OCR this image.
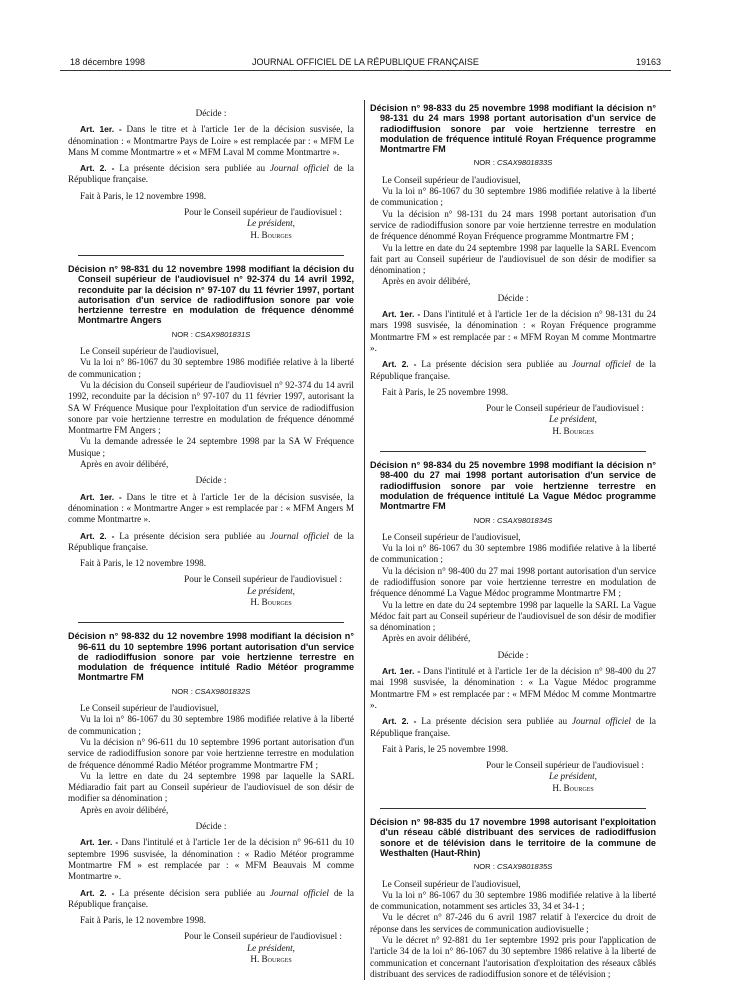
18 décembre 1998	JOURNAL OFFICIEL DE LA RÉPUBLIQUE FRANÇAISE	19163

Décide :

Art. 1er. - Dans le titre et à l'article 1er de la décision susvisée, la dénomination : « Montmartre Pays de Loire » est remplacée par : « MFM Le Mans M comme Montmartre » et « MFM Laval M comme Montmartre ».

Art. 2. - La présente décision sera publiée au Journal officiel de la République française.

Fait à Paris, le 12 novembre 1998.

Pour le Conseil supérieur de l'audiovisuel :
Le président,
H. Bourges

Décision n° 98-831 du 12 novembre 1998 modifiant la décision du Conseil supérieur de l'audiovisuel n° 92-374 du 14 avril 1992, reconduite par la décision n° 97-107 du 11 février 1997, portant autorisation d'un service de radiodiffusion sonore par voie hertzienne terrestre en modulation de fréquence dénommé Montmartre Angers

NOR : CSAX9801831S

Le Conseil supérieur de l'audiovisuel,

Vu la loi n° 86-1067 du 30 septembre 1986 modifiée relative à la liberté de communication ;

Vu la décision du Conseil supérieur de l'audiovisuel n° 92-374 du 14 avril 1992, reconduite par la décision n° 97-107 du 11 février 1997, autorisant la SA W Fréquence Musique pour l'exploitation d'un service de radiodiffusion sonore par voie hertzienne terrestre en modulation de fréquence dénommé Montmartre FM Angers ;

Vu la demande adressée le 24 septembre 1998 par la SA W Fréquence Musique ;

Après en avoir délibéré,

Décide :

Art. 1er. - Dans le titre et à l'article 1er de la décision susvisée, la dénomination : « Montmartre Anger » est remplacée par : « MFM Angers M comme Montmartre ».

Art. 2. - La présente décision sera publiée au Journal officiel de la République française.

Fait à Paris, le 12 novembre 1998.

Pour le Conseil supérieur de l'audiovisuel :
Le président,
H. Bourges

Décision n° 98-832 du 12 novembre 1998 modifiant la décision n° 96-611 du 10 septembre 1996 portant autorisation d'un service de radiodiffusion sonore par voie hertzienne terrestre en modulation de fréquence intitulé Radio Météor programme Montmartre FM

NOR : CSAX9801832S

Le Conseil supérieur de l'audiovisuel,

Vu la loi n° 86-1067 du 30 septembre 1986 modifiée relative à la liberté de communication ;

Vu la décision n° 96-611 du 10 septembre 1996 portant autorisation d'un service de radiodiffusion sonore par voie hertzienne terrestre en modulation de fréquence dénommé Radio Météor programme Montmartre FM ;

Vu la lettre en date du 24 septembre 1998 par laquelle la SARL Médiaradio fait part au Conseil supérieur de l'audiovisuel de son désir de modifier sa dénomination ;

Après en avoir délibéré,

Décide :

Art. 1er. - Dans l'intitulé et à l'article 1er de la décision n° 96-611 du 10 septembre 1996 susvisée, la dénomination : « Radio Météor programme Montmartre FM » est remplacée par : « MFM Beauvais M comme Montmartre ».

Art. 2. - La présente décision sera publiée au Journal officiel de la République française.

Fait à Paris, le 12 novembre 1998.

Pour le Conseil supérieur de l'audiovisuel :
Le président,
H. Bourges

Décision n° 98-833 du 25 novembre 1998 modifiant la décision n° 98-131 du 24 mars 1998 portant autorisation d'un service de radiodiffusion sonore par voie hertzienne terrestre en modulation de fréquence intitulé Royan Fréquence programme Montmartre FM

NOR : CSAX9801833S

Le Conseil supérieur de l'audiovisuel,

Vu la loi n° 86-1067 du 30 septembre 1986 modifiée relative à la liberté de communication ;

Vu la décision n° 98-131 du 24 mars 1998 portant autorisation d'un service de radiodiffusion sonore par voie hertzienne terrestre en modulation de fréquence dénommé Royan Fréquence programme Montmartre FM ;

Vu la lettre en date du 24 septembre 1998 par laquelle la SARL Evencom fait part au Conseil supérieur de l'audiovisuel de son désir de modifier sa dénomination ;

Après en avoir délibéré,

Décide :

Art. 1er. - Dans l'intitulé et à l'article 1er de la décision n° 98-131 du 24 mars 1998 susvisée, la dénomination : « Royan Fréquence programme Montmartre FM » est remplacée par : « MFM Royan M comme Montmartre ».

Art. 2. - La présente décision sera publiée au Journal officiel de la République française.

Fait à Paris, le 25 novembre 1998.

Pour le Conseil supérieur de l'audiovisuel :
Le président,
H. Bourges

Décision n° 98-834 du 25 novembre 1998 modifiant la décision n° 98-400 du 27 mai 1998 portant autorisation d'un service de radiodiffusion sonore par voie hertzienne terrestre en modulation de fréquence intitulé La Vague Médoc programme Montmartre FM

NOR : CSAX9801834S

Le Conseil supérieur de l'audiovisuel,

Vu la loi n° 86-1067 du 30 septembre 1986 modifiée relative à la liberté de communication ;

Vu la décision n° 98-400 du 27 mai 1998 portant autorisation d'un service de radiodiffusion sonore par voie hertzienne terrestre en modulation de fréquence dénommé La Vague Médoc programme Montmartre FM ;

Vu la lettre en date du 24 septembre 1998 par laquelle la SARL La Vague Médoc fait part au Conseil supérieur de l'audiovisuel de son désir de modifier sa dénomination ;

Après en avoir délibéré,

Décide :

Art. 1er. - Dans l'intitulé et à l'article 1er de la décision n° 98-400 du 27 mai 1998 susvisée, la dénomination : « La Vague Médoc programme Montmartre FM » est remplacée par : « MFM Médoc M comme Montmartre ».

Art. 2. - La présente décision sera publiée au Journal officiel de la République française.

Fait à Paris, le 25 novembre 1998.

Pour le Conseil supérieur de l'audiovisuel :
Le président,
H. Bourges

Décision n° 98-835 du 17 novembre 1998 autorisant l'exploitation d'un réseau câblé distribuant des services de radiodiffusion sonore et de télévision dans le territoire de la commune de Westhalten (Haut-Rhin)

NOR : CSAX9801835S

Le Conseil supérieur de l'audiovisuel,

Vu la loi n° 86-1067 du 30 septembre 1986 modifiée relative à la liberté de communication, notamment ses articles 33, 34 et 34-1 ;

Vu le décret n° 87-246 du 6 avril 1987 relatif à l'exercice du droit de réponse dans les services de communication audiovisuelle ;

Vu le décret n° 92-881 du 1er septembre 1992 pris pour l'application de l'article 34 de la loi n° 86-1067 du 30 septembre 1986 relative à la liberté de communication et concernant l'autorisation d'exploitation des réseaux câblés distribuant des services de radiodiffusion sonore et de télévision ;
